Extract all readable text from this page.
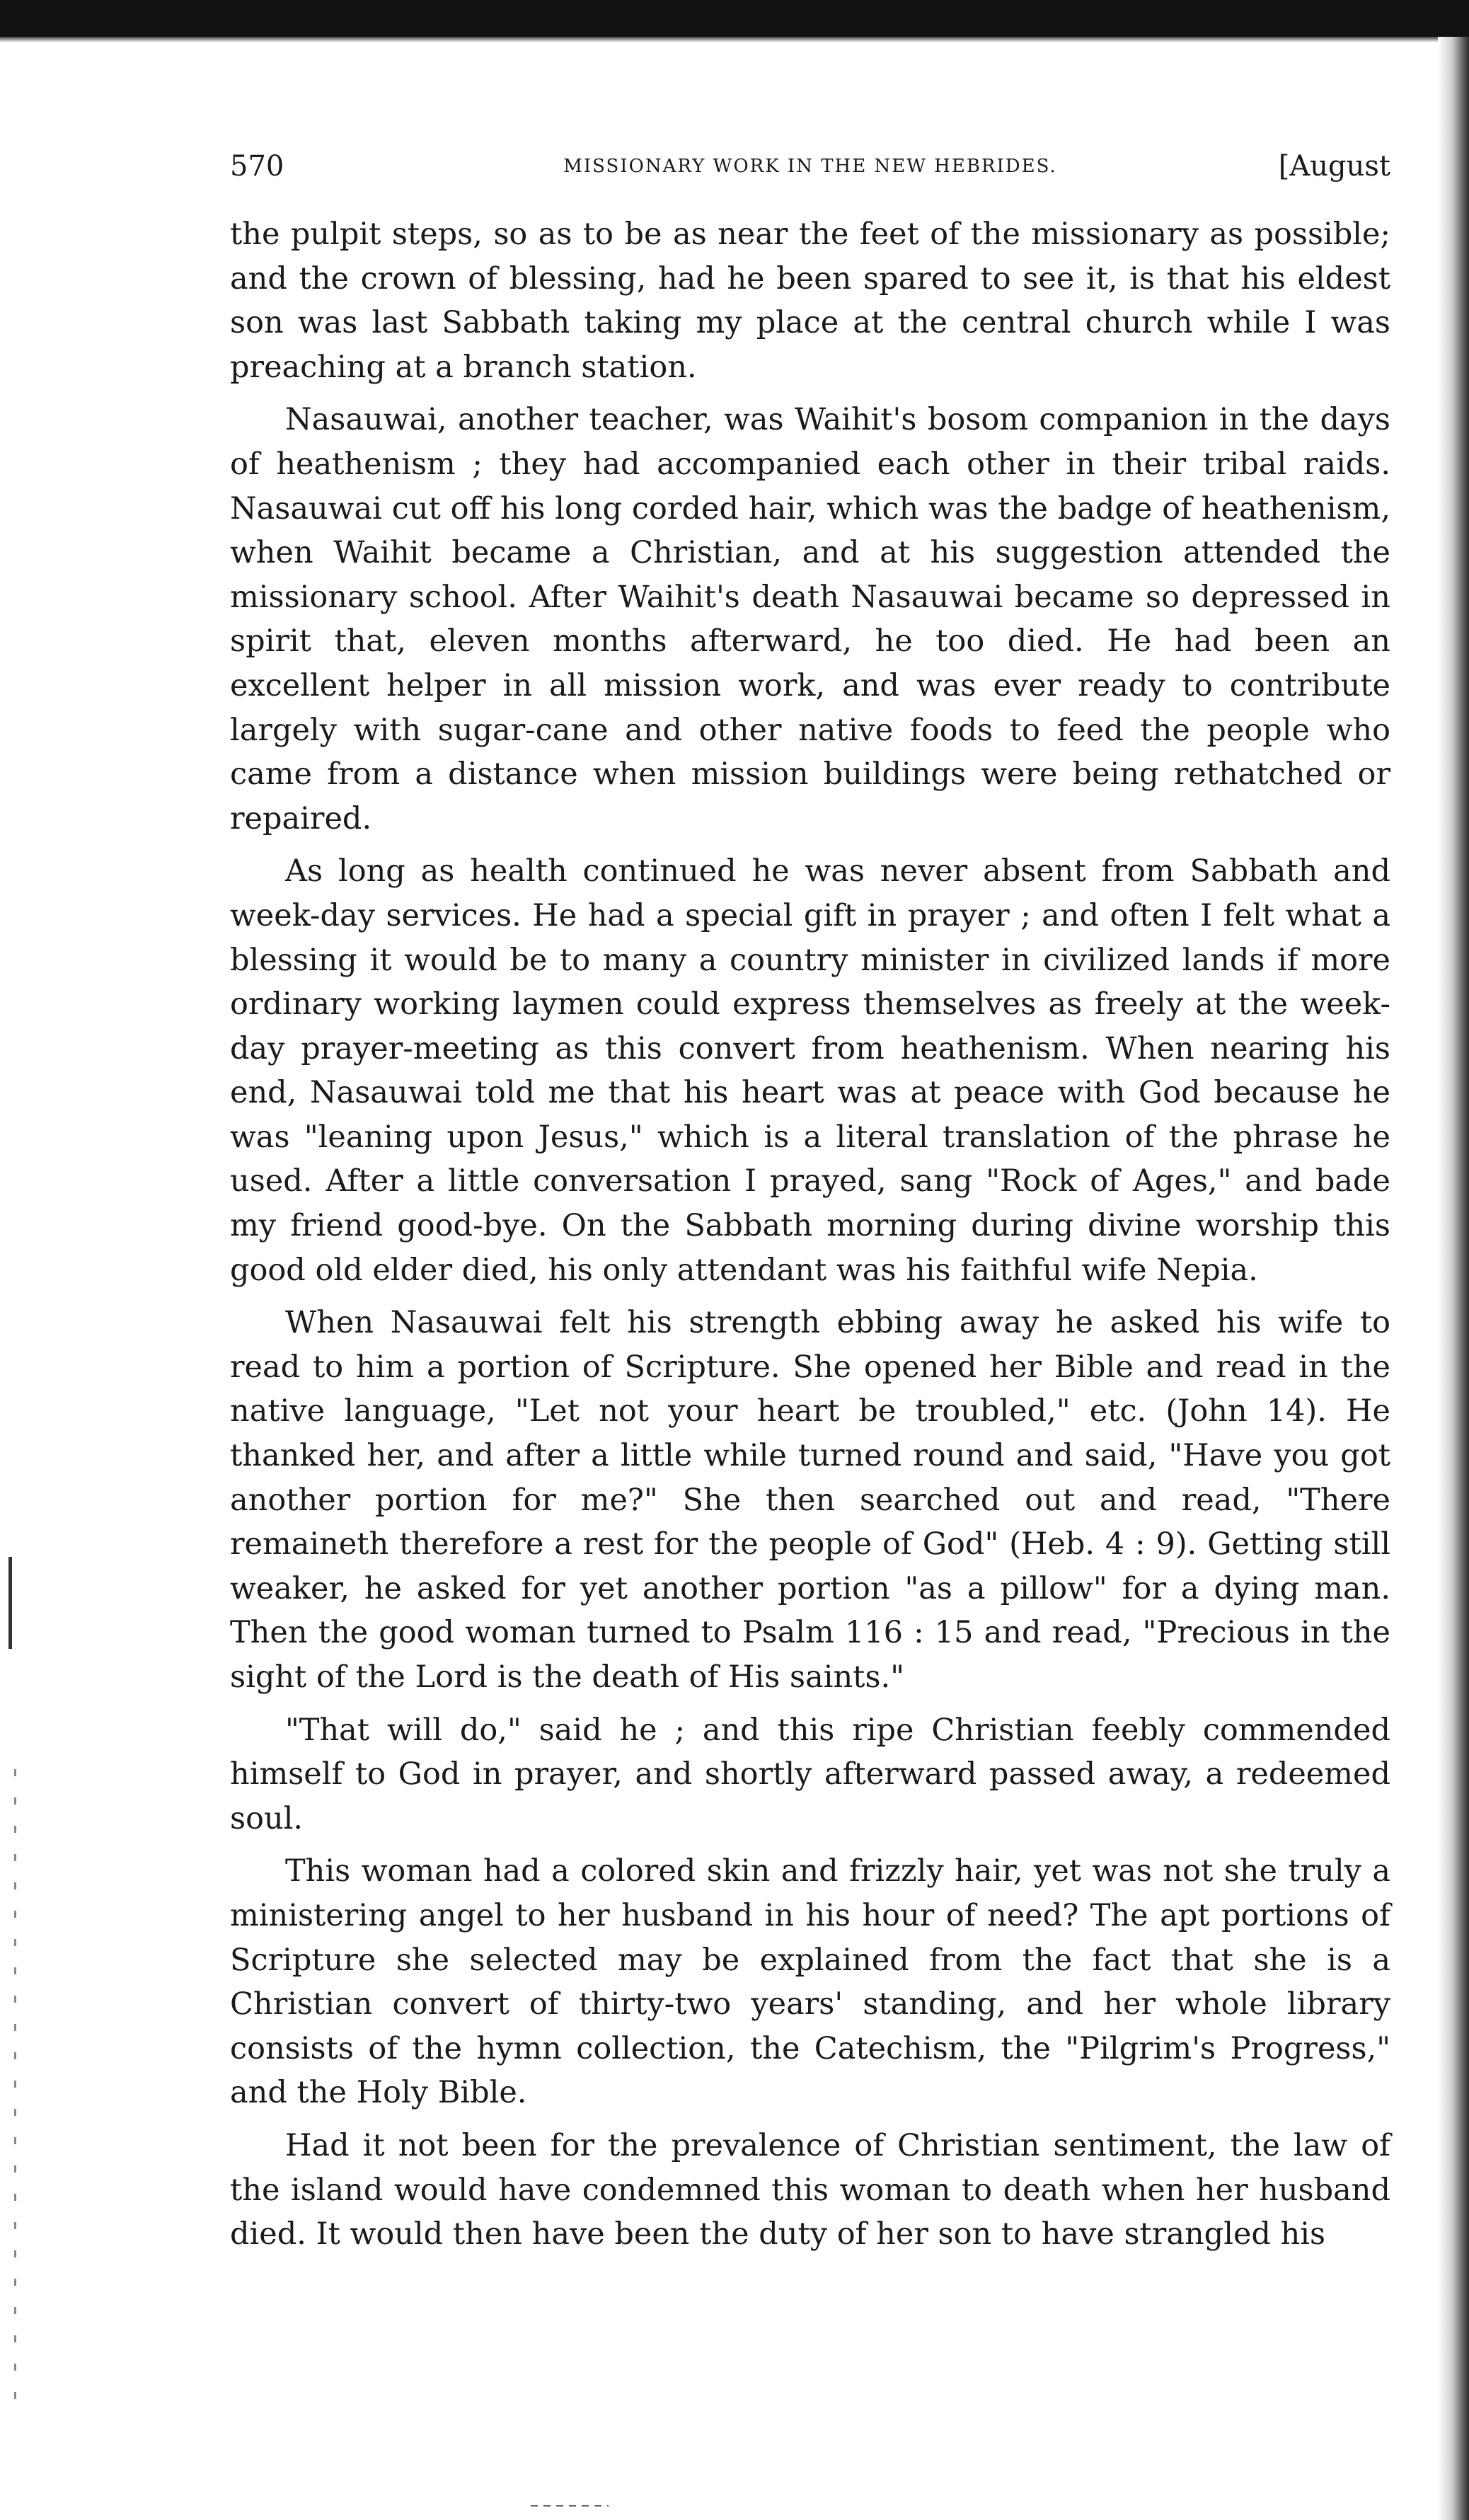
570	MISSIONARY WORK IN THE NEW HEBRIDES.	[August

the pulpit steps, so as to be as near the feet of the missionary as possible; and the crown of blessing, had he been spared to see it, is that his eldest son was last Sabbath taking my place at the central church while I was preaching at a branch station.

Nasauwai, another teacher, was Waihit's bosom companion in the days of heathenism ; they had accompanied each other in their tribal raids. Nasauwai cut off his long corded hair, which was the badge of heathenism, when Waihit became a Christian, and at his suggestion attended the missionary school. After Waihit's death Nasauwai became so depressed in spirit that, eleven months afterward, he too died. He had been an excellent helper in all mission work, and was ever ready to contribute largely with sugar-cane and other native foods to feed the people who came from a distance when mission buildings were being rethatched or repaired.

As long as health continued he was never absent from Sabbath and week-day services. He had a special gift in prayer ; and often I felt what a blessing it would be to many a country minister in civilized lands if more ordinary working laymen could express themselves as freely at the week-day prayer-meeting as this convert from heathenism. When nearing his end, Nasauwai told me that his heart was at peace with God because he was "leaning upon Jesus," which is a literal translation of the phrase he used. After a little conversation I prayed, sang "Rock of Ages," and bade my friend good-bye. On the Sabbath morning during divine worship this good old elder died, his only attendant was his faithful wife Nepia.

When Nasauwai felt his strength ebbing away he asked his wife to read to him a portion of Scripture. She opened her Bible and read in the native language, "Let not your heart be troubled," etc. (John 14). He thanked her, and after a little while turned round and said, "Have you got another portion for me?" She then searched out and read, "There remaineth therefore a rest for the people of God" (Heb. 4 : 9). Getting still weaker, he asked for yet another portion "as a pillow" for a dying man. Then the good woman turned to Psalm 116 : 15 and read, "Precious in the sight of the Lord is the death of His saints."

"That will do," said he ; and this ripe Christian feebly commended himself to God in prayer, and shortly afterward passed away, a redeemed soul.

This woman had a colored skin and frizzly hair, yet was not she truly a ministering angel to her husband in his hour of need? The apt portions of Scripture she selected may be explained from the fact that she is a Christian convert of thirty-two years' standing, and her whole library consists of the hymn collection, the Catechism, the "Pilgrim's Progress," and the Holy Bible.

Had it not been for the prevalence of Christian sentiment, the law of the island would have condemned this woman to death when her husband died. It would then have been the duty of her son to have strangled his
